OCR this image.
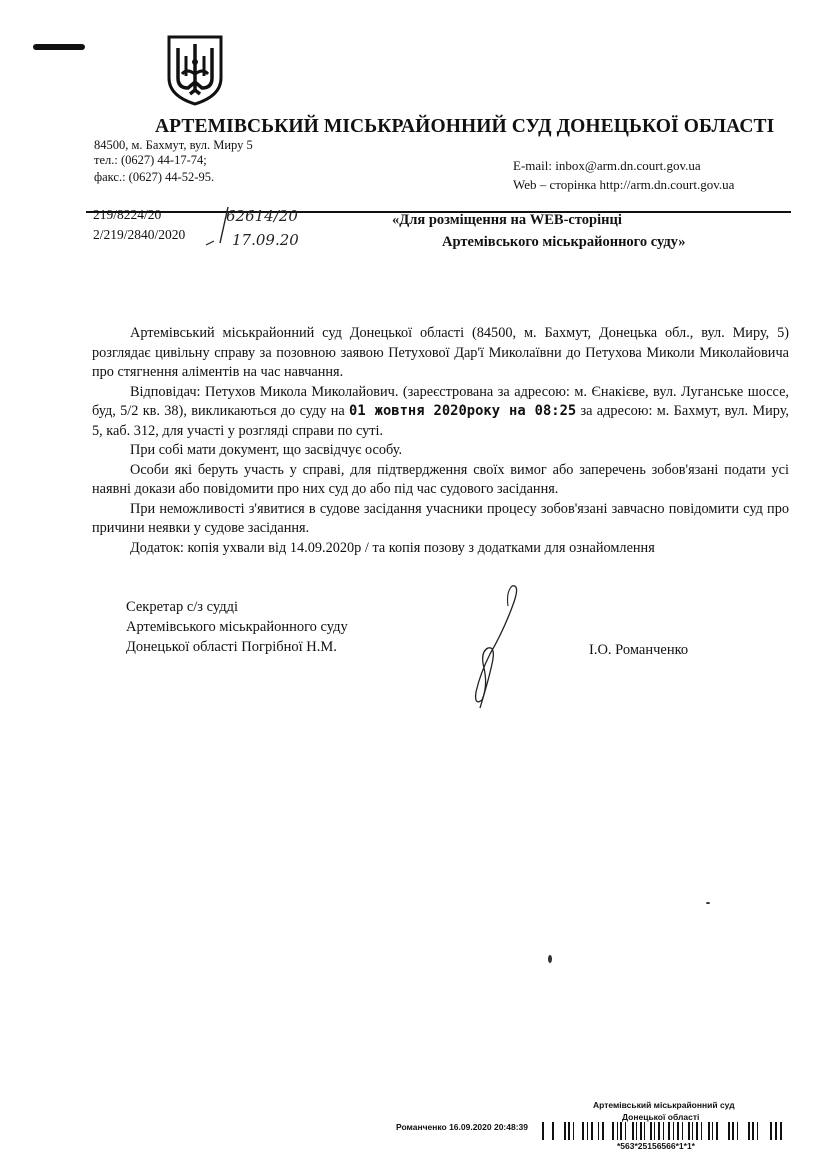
АРТЕМІВСЬКИЙ МІСЬКРАЙОННИЙ СУД ДОНЕЦЬКОЇ ОБЛАСТІ
84500, м. Бахмут, вул. Миру 5
тел.: (0627) 44-17-74;
факс.: (0627) 44-52-95.
E-mail: inbox@arm.dn.court.gov.ua
Web – сторінка http://arm.dn.court.gov.ua
219/8224/20
2/219/2840/2020
62614/20
17.09.20
«Для розміщення на WEB-сторінці
Артемівського міськрайонного суду»

Артемівський міськрайонний суд Донецької області (84500, м. Бахмут, Донецька обл., вул. Миру, 5) розглядає цивільну справу за позовною заявою Петухової Дар'ї Миколаївни до Петухова Миколи Миколайовича про стягнення аліментів на час навчання.

Відповідач: Петухов Микола Миколайович. (зареєстрована за адресою: м. Єнакієве, вул. Луганське шоссе, буд, 5/2 кв. 38), викликаються до суду на 01 жовтня 2020року на 08:25 за адресою: м. Бахмут, вул. Миру, 5, каб. 312, для участі у розгляді справи по суті.

При собі мати документ, що засвідчує особу.

Особи які беруть участь у справі, для підтвердження своїх вимог або заперечень зобов'язані подати усі наявні докази або повідомити про них суд до або під час судового засідання.

При неможливості з'явитися в судове засідання учасники процесу зобов'язані завчасно повідомити суд про причини неявки у судове засідання.

Додаток: копія ухвали від 14.09.2020р / та копія позову з додатками для ознайомлення

Секретар с/з судді
Артемівського міськрайонного суду
Донецької області Погрібної Н.М.	І.О. Романченко
Артемівський міськрайонний суд
Донецької області
Романченко 16.09.2020 20:48:39
*563*25156566*1*1*
